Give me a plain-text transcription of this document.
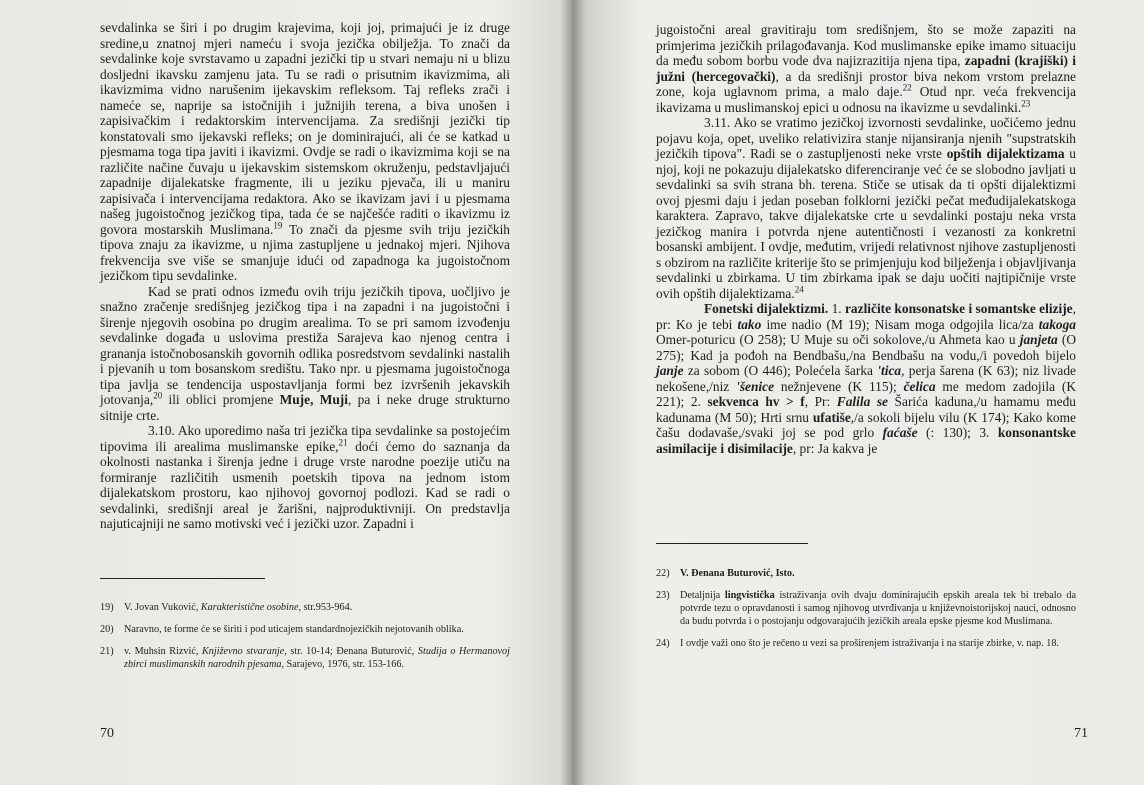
sevdalinka se širi i po drugim krajevima, koji joj, primajući je iz druge sredine,u znatnoj mjeri nameću i svoja jezička obilježja. To znači da sevdalinke koje svrstavamo u zapadni jezički tip u stvari nemaju ni u blizu dosljedni ikavsku zamjenu jata. Tu se radi o prisutnim ikavizmima, ali ikavizmima vidno narušenim ijekavskim refleksom. Taj refleks zrači i nameće se, naprije sa istočnijih i južnijih terena, a biva unošen i zapisivačkim i redaktorskim intervencijama. Za središnji jezički tip konstatovali smo ijekavski refleks; on je dominirajući, ali će se katkad u pjesmama toga tipa javiti i ikavizmi. Ovdje se radi o ikavizmima koji se na različite načine čuvaju u ijekavskim sistemskom okruženju, pedstavljajući zapadnije dijalekatske fragmente, ili u jeziku pjevača, ili u maniru zapisivača i intervencijama redaktora. Ako se ikavizam javi i u pjesmama našeg jugoistočnog jezičkog tipa, tada će se najčešće raditi o ikavizmu iz govora mostarskih Muslimana.$^{19}$ To znači da pjesme svih triju jezičkih tipova znaju za ikavizme, u njima zastupljene u jednakoj mjeri. Njihova frekvencija sve više se smanjuje idući od zapadnoga ka jugoistočnom jezičkom tipu sevdalinke.

Kad se prati odnos između ovih triju jezičkih tipova, uočljivo je snažno zračenje središnjeg jezičkog tipa i na zapadni i na jugoistočni i širenje njegovih osobina po drugim arealima. To se pri samom izvođenju sevdalinke događa u uslovima prestiža Sarajeva kao njenog centra i grananja istočnobosanskih govornih odlika posredstvom sevdalinki nastalih i pjevanih u tom bosanskom središtu. Tako npr. u pjesmama jugoistočnoga tipa javlja se tendencija uspostavljanja formi bez izvršenih jekavskih jotovanja,$^{20}$ ili oblici promjene Muje, Muji, pa i neke druge strukturno sitnije crte.

3.10. Ako uporedimo naša tri jezička tipa sevdalinke sa postojećim tipovima ili arealima muslimanske epike,$^{21}$ doći ćemo do saznanja da okolnosti nastanka i širenja jedne i druge vrste narodne poezije utiču na formiranje različitih usmenih poetskih tipova na jednom istom dijalekatskom prostoru, kao njihovoj govornoj podlozi. Kad se radi o sevdalinki, središnji areal je žarišni, najproduktivniji. On predstavlja najuticajniji ne samo motivski već i jezički uzor. Zapadni i

19)	V. Jovan Vuković, Karakterističnе osobine, str.953-964.
20)	Naravno, te forme će se širiti i pod uticajem standardnojezičkih nejotovanih oblika.
21)	v. Muhsin Rizvić, Književno stvaranje, str. 10-14; Đenana Buturović, Studija o Hermanovoj zbirci muslimanskih narodnih pjesama, Sarajevo, 1976, str. 153-166.
70

jugoistočni areal gravitiraju tom središnjem, što se može zapaziti na primjerima jezičkih prilagođavanja. Kod muslimanske epike imamo situaciju da među sobom borbu vode dva najizrazitija njena tipa, zapadni (krajiški) i južni (hercegovački), a da središnji prostor biva nekom vrstom prelazne zone, koja uglavnom prima, a malo daje.$^{22}$ Otud npr. veća frekvencija ikavizama u muslimanskoj epici u odnosu na ikavizme u sevdalinki.$^{23}$

3.11. Ako se vratimo jezičkoj izvornosti sevdalinke, uočićemo jednu pojavu koja, opet, uveliko relativizira stanje nijansiranja njenih "supstratskih jezičkih tipova". Radi se o zastupljenosti neke vrste opštih dijalektizama u njoj, koji ne pokazuju dijalekatsko diferenciranje već će se slobodno javljati u sevdalinki sa svih strana bh. terena. Stiče se utisak da ti opšti dijalektizmi ovoj pjesmi daju i jedan poseban folklorni jezički pečat međudijalekatskoga karaktera. Zapravo, takve dijalekatske crte u sevdalinki postaju neka vrsta jezičkog manira i potvrda njene autentičnosti i vezanosti za konkretni bosanski ambijent. I ovdje, međutim, vrijedi relativnost njihove zastupljenosti s obzirom na različite kriterije što se primjenjuju kod bilježenja i objavljivanja sevdalinki u zbirkama. U tim zbirkama ipak se daju uočiti najtipičnije vrste ovih opštih dijalektizama.$^{24}$

Fonetski dijalektizmi. 1. različite konsonatske i somantske elizije, pr: Ko je tebi tako ime nadio (M 19); Nisam moga odgojila lica/za takoga Omer-poturicu (O 258); U Muje su oči sokolove,/u Ahmeta kao u janjeta (O 275); Kad ja pođoh na Bendbašu,/na Bendbašu na vodu,/i povedoh bijelo janje za sobom (O 446); Polećela šarka 'tica, perja šarena (K 63); niz livade nekošene,/niz 'šenice nežnjevene (K 115); čelica me medom zadojila (K 221); 2. sekvenca hv > f, Pr: Falila se Šarića kaduna,/u hamamu među kadunama (M 50); Hrti srnu ufatiše,/a sokoli bijelu vilu (K 174); Kako kome čašu dodavaše,/svaki joj se pod grlo faćaše (: 130); 3. konsonantske asimilacije i disimilacije, pr: Ja kakva je

22)	V. Đenana Buturović, Isto.
23)	Detaljnija lingvistička istraživanja ovih dvaju dominirajućih epskih areala tek bi trebalo da potvrde tezu o opravdanosti i samog njihovog utvrđivanja u književnoistorijskoj nauci, odnosno da budu potvrda i o postojanju odgovarajućih jezičkih areala epske pjesme kod Muslimana.
24)	I ovdje važi ono što je rečeno u vezi sa proširenjem istraživanja i na starije zbirke, v. nap. 18.
71
